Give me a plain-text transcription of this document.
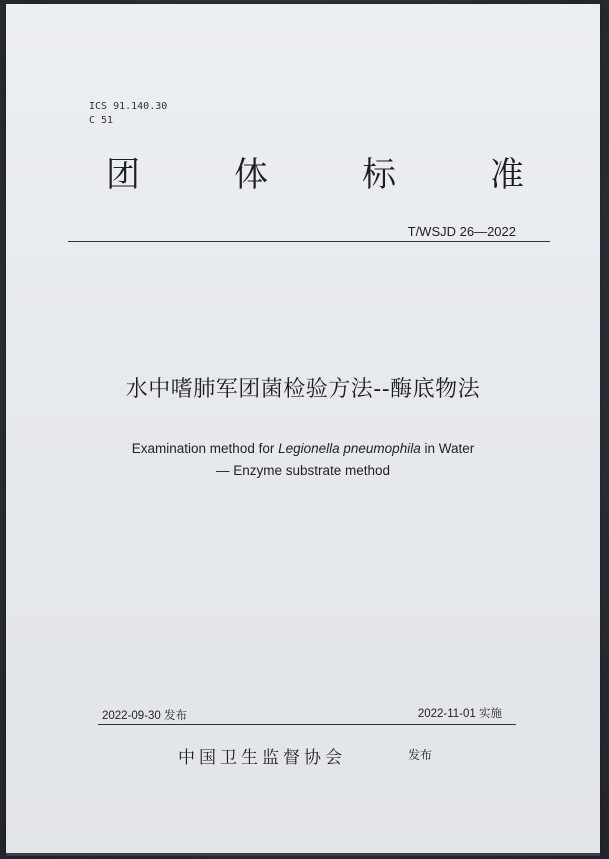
ICS 91.140.30
C 51
团	体	标	准
T/WSJD 26—2022
水中嗜肺军团菌检验方法--酶底物法
Examination method for Legionella pneumophila in Water
— Enzyme substrate method
2022-09-30 发布	2022-11-01 实施
中国卫生监督协会	发布
